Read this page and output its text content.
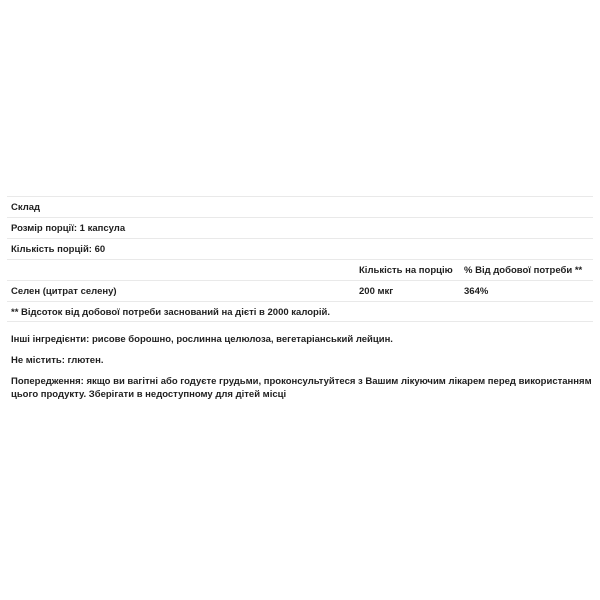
Склад
Розмір порції: 1 капсула
Кількість порцій: 60
Кількість на порцію % Від добової потреби **
Селен (цитрат селену)	200 мкг	364%
** Відсоток від добової потреби заснований на дієті в 2000 калорій.

Інші інгредієнти: рисове борошно, рослинна целюлоза, вегетаріанський лейцин.

Не містить: глютен.

Попередження: якщо ви вагітні або годуєте грудьми, проконсультуйтеся з Вашим лікуючим лікарем перед використанням цього продукту. Зберігати в недоступному для дітей місці
